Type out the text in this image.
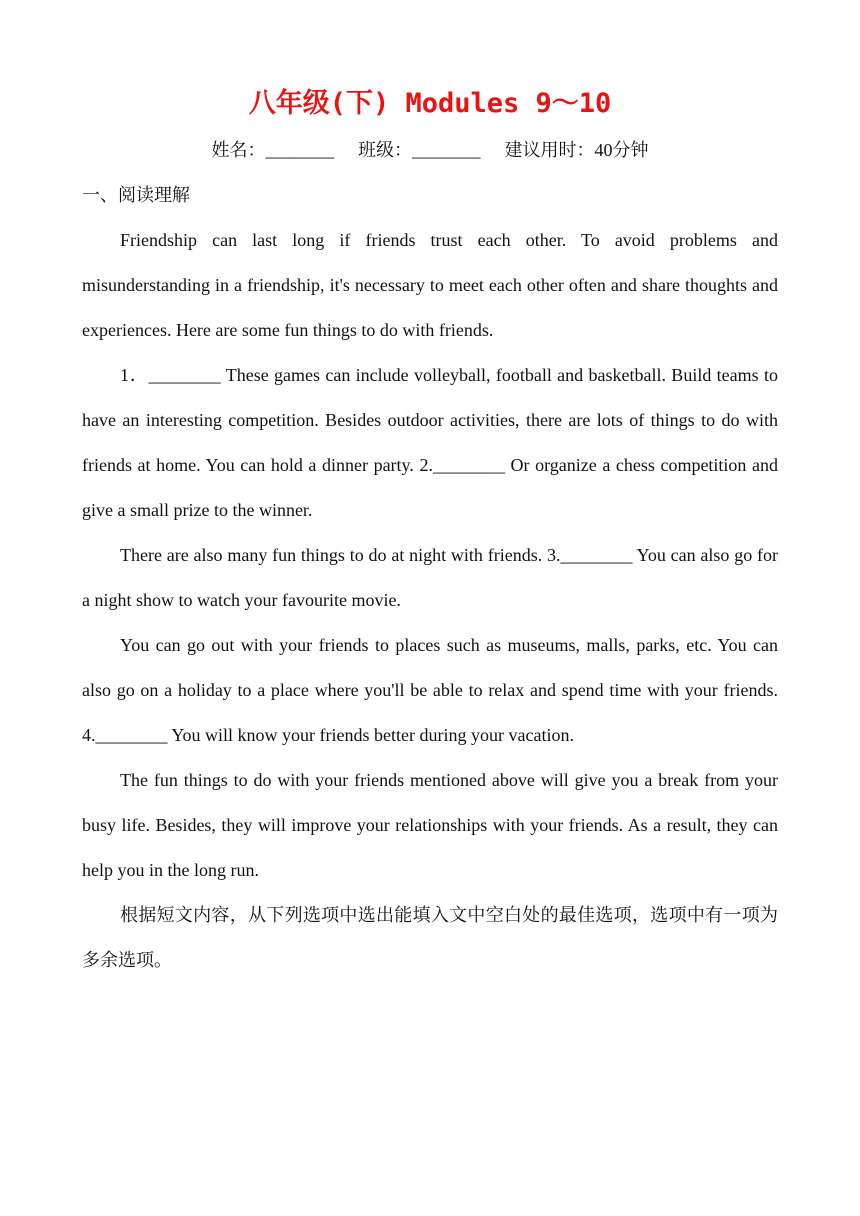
八年级(下) Modules 9～10
姓名：________ 班级：________ 建议用时：40分钟
一、阅读理解

Friendship can last long if friends trust each other. To avoid problems and misunderstanding in a friendship, it's necessary to meet each other often and share thoughts and experiences. Here are some fun things to do with friends.

1．________ These games can include volleyball, football and basketball. Build teams to have an interesting competition. Besides outdoor activities, there are lots of things to do with friends at home. You can hold a dinner party. 2.________ Or organize a chess competition and give a small prize to the winner.

There are also many fun things to do at night with friends. 3.________ You can also go for a night show to watch your favourite movie.

You can go out with your friends to places such as museums, malls, parks, etc. You can also go on a holiday to a place where you'll be able to relax and spend time with your friends. 4.________ You will know your friends better during your vacation.

The fun things to do with your friends mentioned above will give you a break from your busy life. Besides, they will improve your relationships with your friends. As a result, they can help you in the long run.

根据短文内容，从下列选项中选出能填入文中空白处的最佳选项，选项中有一项为多余选项。
